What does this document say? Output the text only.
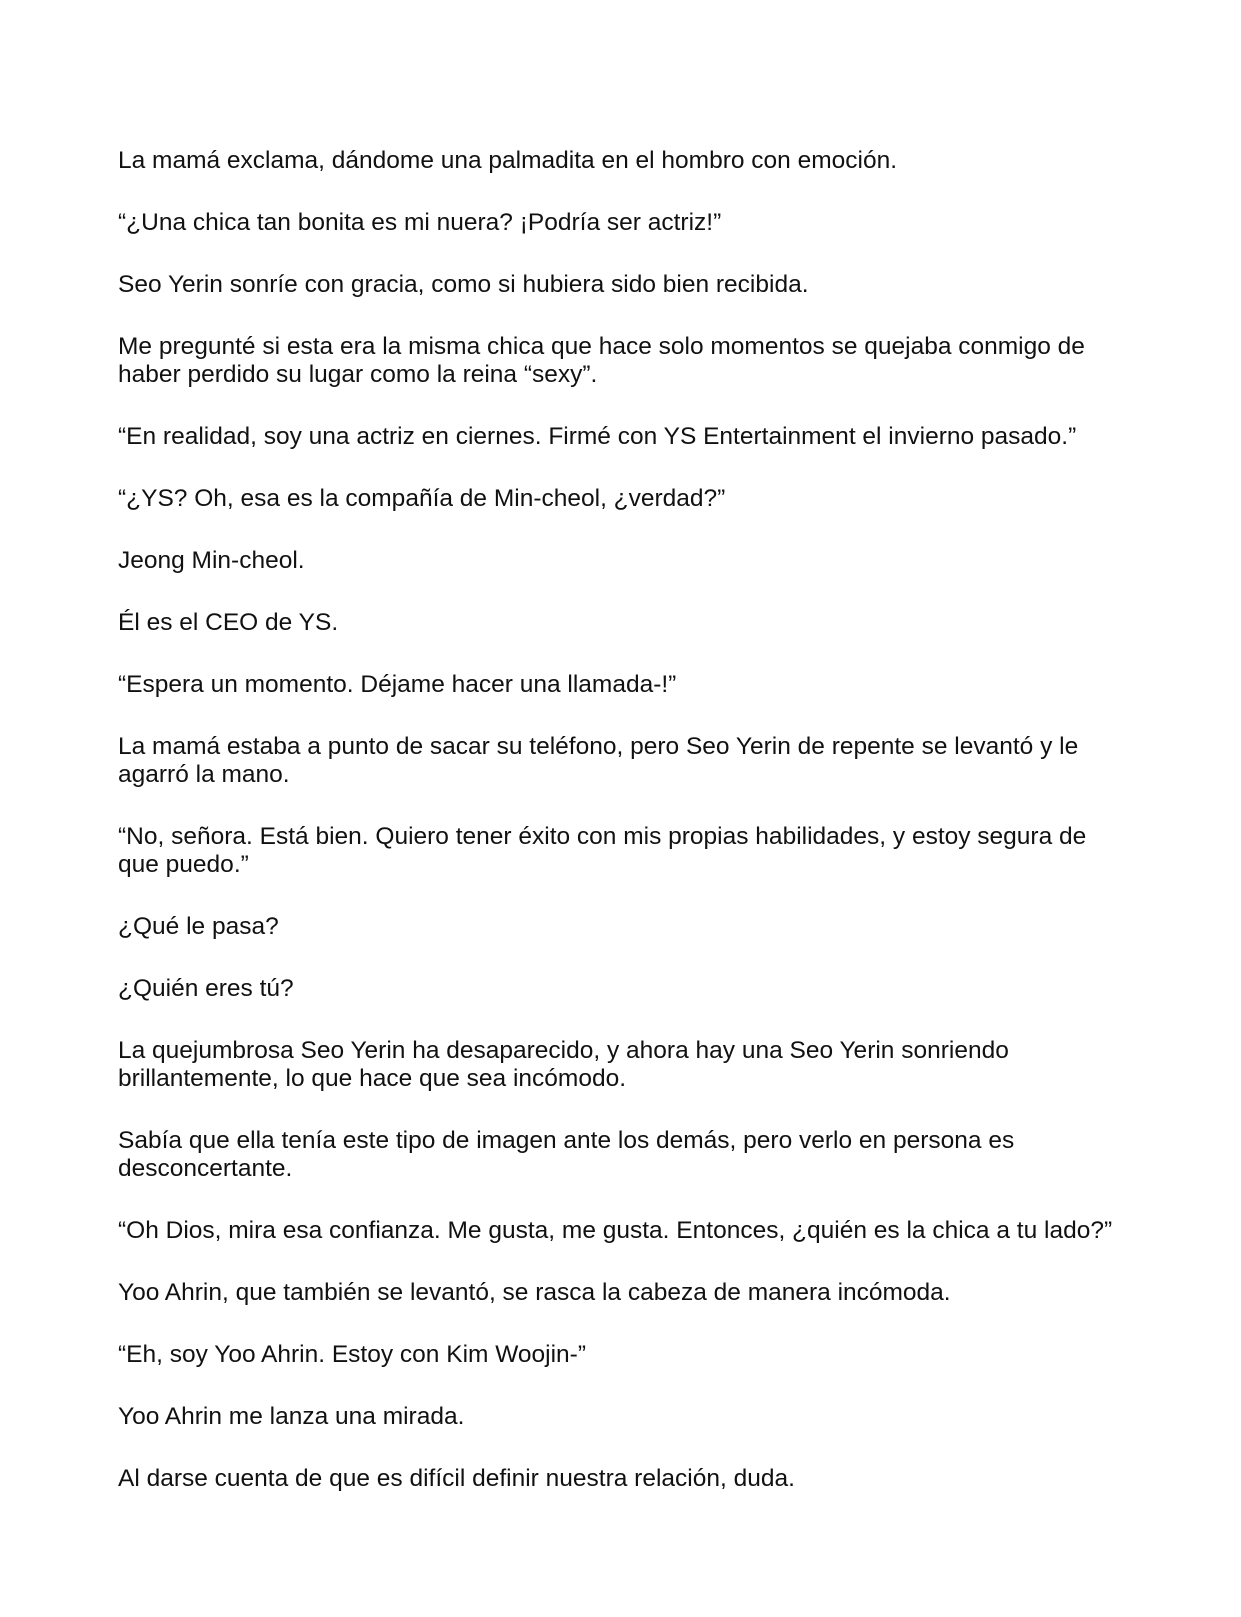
La mamá exclama, dándome una palmadita en el hombro con emoción.

“¿Una chica tan bonita es mi nuera? ¡Podría ser actriz!”

Seo Yerin sonríe con gracia, como si hubiera sido bien recibida.

Me pregunté si esta era la misma chica que hace solo momentos se quejaba conmigo de haber perdido su lugar como la reina “sexy”.

“En realidad, soy una actriz en ciernes. Firmé con YS Entertainment el invierno pasado.”

“¿YS? Oh, esa es la compañía de Min-cheol, ¿verdad?”

Jeong Min-cheol.

Él es el CEO de YS.

“Espera un momento. Déjame hacer una llamada-!”

La mamá estaba a punto de sacar su teléfono, pero Seo Yerin de repente se levantó y le agarró la mano.

“No, señora. Está bien. Quiero tener éxito con mis propias habilidades, y estoy segura de que puedo.”

¿Qué le pasa?

¿Quién eres tú?

La quejumbrosa Seo Yerin ha desaparecido, y ahora hay una Seo Yerin sonriendo brillantemente, lo que hace que sea incómodo.

Sabía que ella tenía este tipo de imagen ante los demás, pero verlo en persona es desconcertante.

“Oh Dios, mira esa confianza. Me gusta, me gusta. Entonces, ¿quién es la chica a tu lado?”

Yoo Ahrin, que también se levantó, se rasca la cabeza de manera incómoda.

“Eh, soy Yoo Ahrin. Estoy con Kim Woojin-”

Yoo Ahrin me lanza una mirada.

Al darse cuenta de que es difícil definir nuestra relación, duda.
